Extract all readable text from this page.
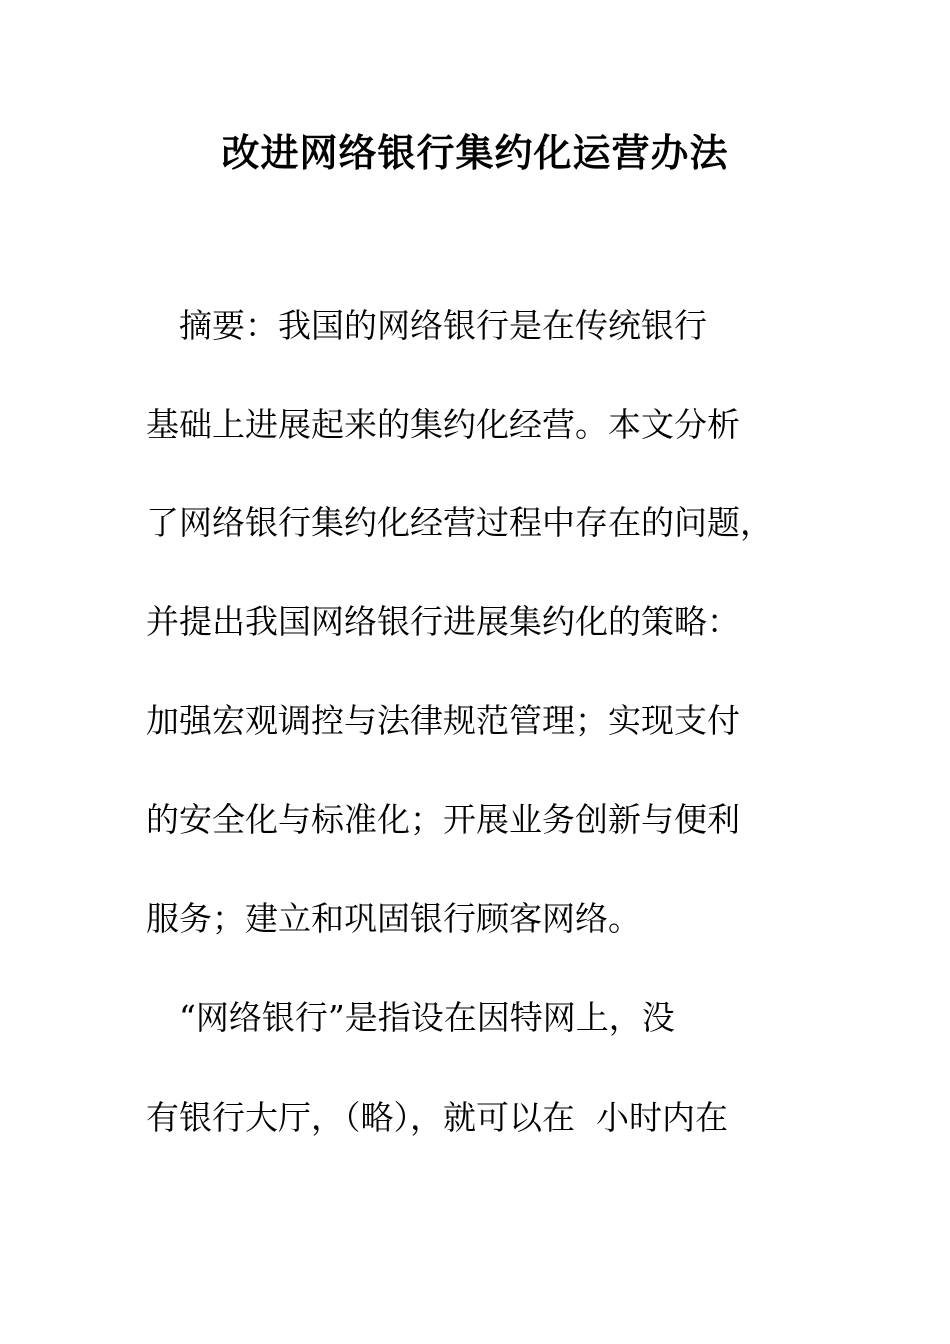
改进网络银行集约化运营办法
　摘要：我国的网络银行是在传统银行
基础上进展起来的集约化经营。本文分析
了网络银行集约化经营过程中存在的问题，
并提出我国网络银行进展集约化的策略：
加强宏观调控与法律规范管理；实现支付
的安全化与标准化；开展业务创新与便利
服务；建立和巩固银行顾客网络。
　“网络银行”是指设在因特网上，没
有银行大厅，（略），就可以在  小时内在
